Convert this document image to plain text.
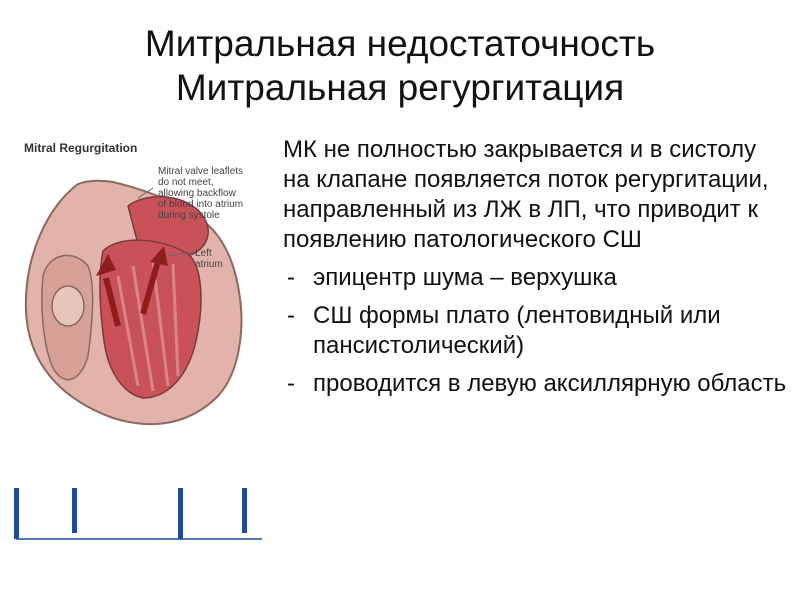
Митральная недостаточность
Митральная регургитация
Mitral Regurgitation
Mitral valve leaflets
do not meet,
allowing backflow
of blood into atrium
during systole
Left
atrium

МК не полностью закрывается и в систолу на клапане появляется поток регургитации, направленный из ЛЖ в ЛП, что приводит к появлению патологического СШ

- эпицентр шума – верхушка
- СШ формы плато (лентовидный или пансистолический)
- проводится в левую аксиллярную область
